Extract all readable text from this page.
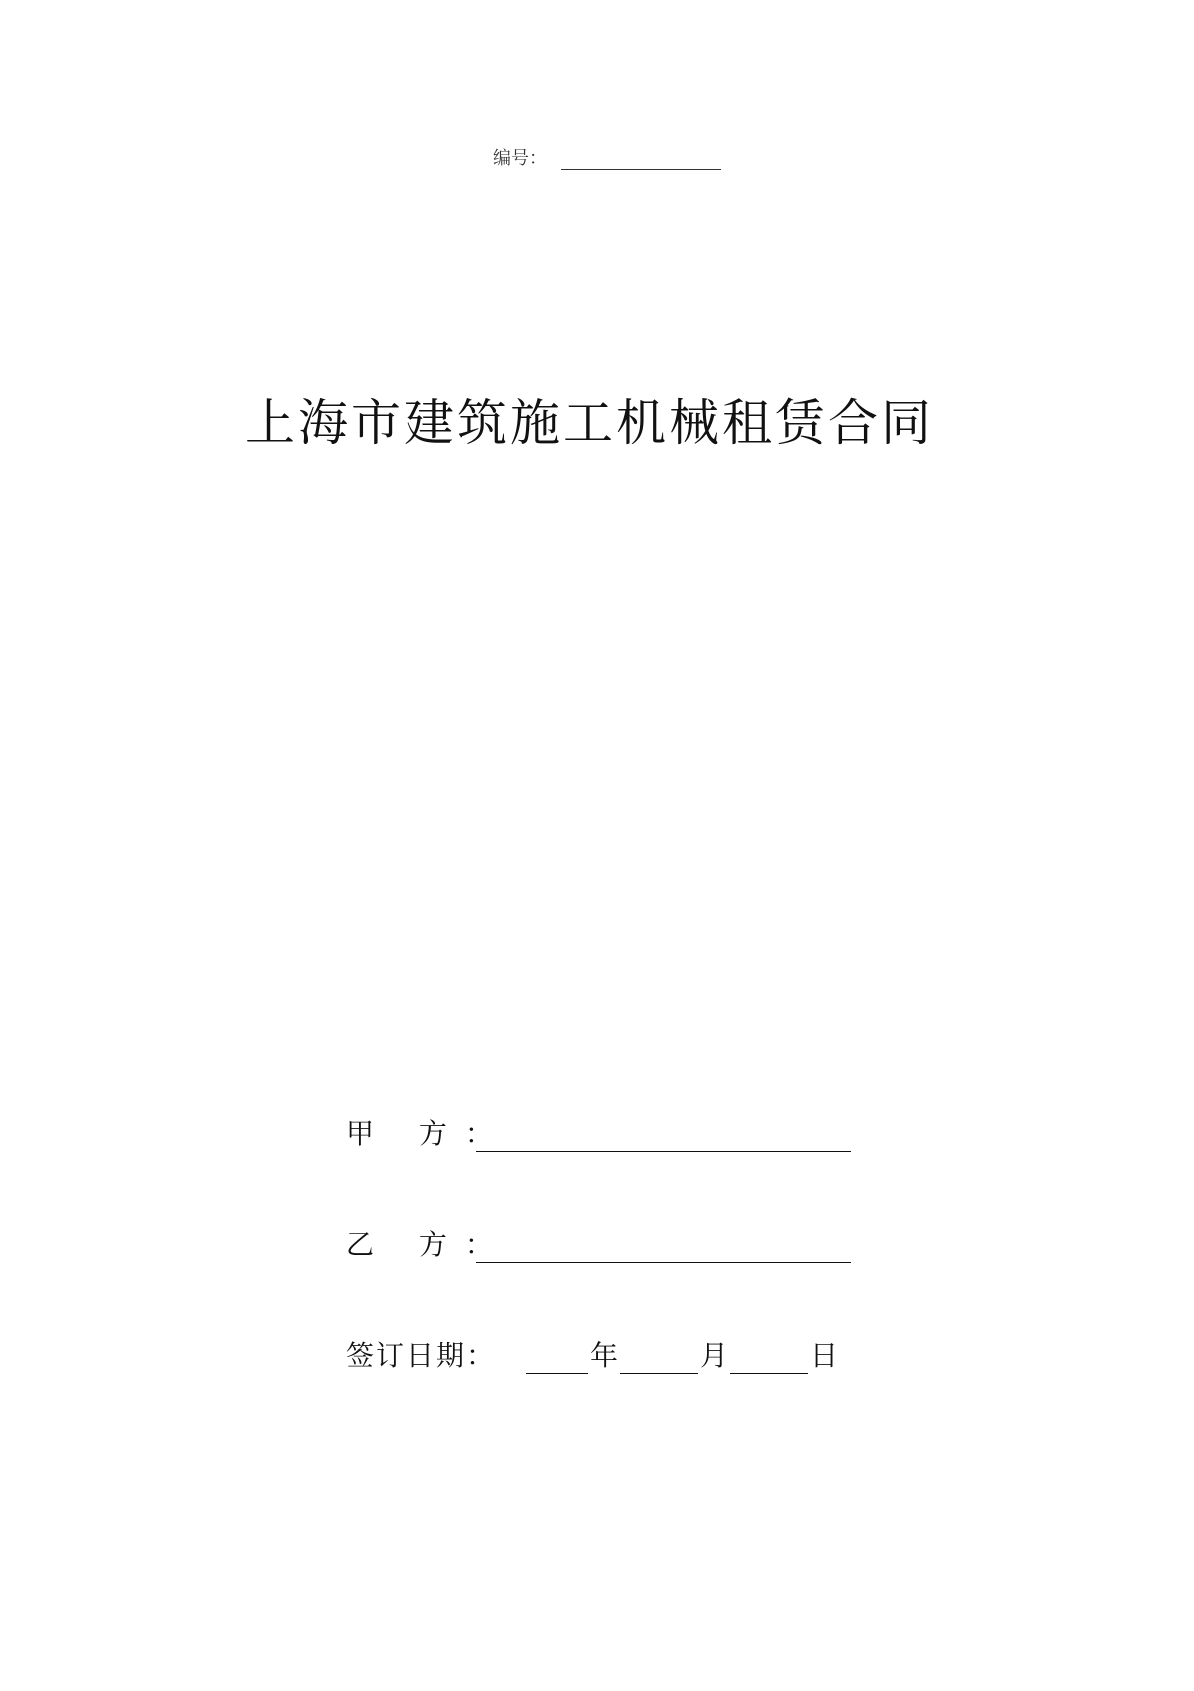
编号：
上海市建筑施工机械租赁合同
甲 方：
乙 方：
签订日期：	年	月	日
